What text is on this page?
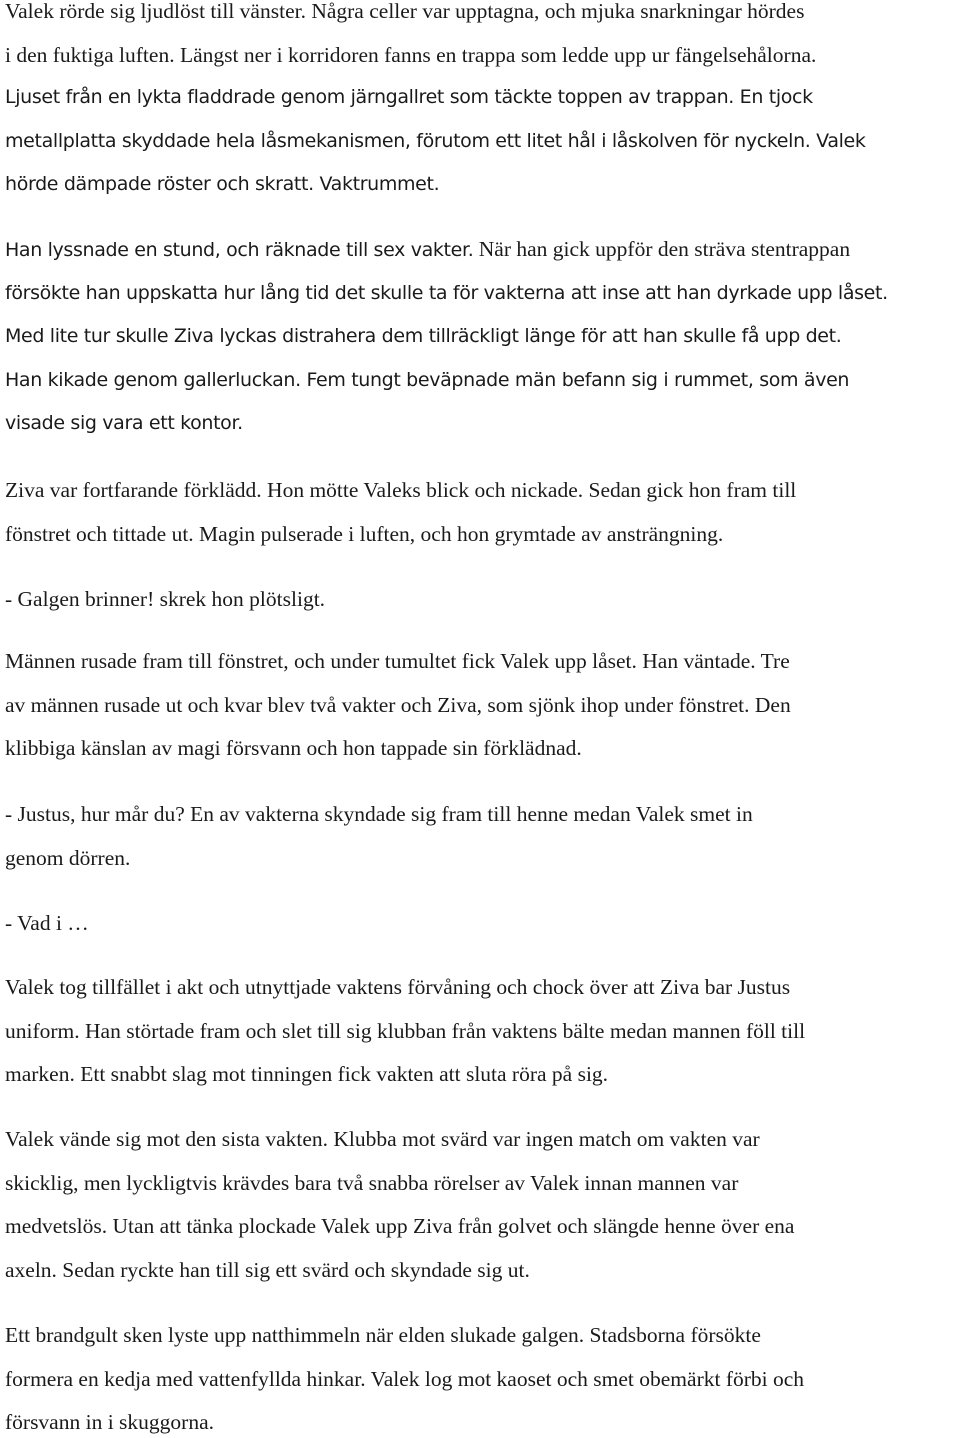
Valek rörde sig ljudlöst till vänster. Några celler var upptagna, och mjuka snarkningar hördes
i den fuktiga luften. Längst ner i korridoren fanns en trappa som ledde upp ur fängelsehålorna.

Ljuset från en lykta fladdrade genom järngallret som täckte toppen av trappan. En tjock
metallplatta skyddade hela låsmekanismen, förutom ett litet hål i låskolven för nyckeln. Valek
hörde dämpade röster och skratt. Vaktrummet.

Han lyssnade en stund, och räknade till sex vakter. När han gick uppför den sträva stentrappan
försökte han uppskatta hur lång tid det skulle ta för vakterna att inse att han dyrkade upp låset.
Med lite tur skulle Ziva lyckas distrahera dem tillräckligt länge för att han skulle få upp det.
Han kikade genom gallerluckan. Fem tungt beväpnade män befann sig i rummet, som även
visade sig vara ett kontor.

Ziva var fortfarande förklädd. Hon mötte Valeks blick och nickade. Sedan gick hon fram till
fönstret och tittade ut. Magin pulserade i luften, och hon grymtade av ansträngning.

- Galgen brinner! skrek hon plötsligt.

Männen rusade fram till fönstret, och under tumultet fick Valek upp låset. Han väntade. Tre
av männen rusade ut och kvar blev två vakter och Ziva, som sjönk ihop under fönstret. Den
klibbiga känslan av magi försvann och hon tappade sin förklädnad.

- Justus, hur mår du? En av vakterna skyndade sig fram till henne medan Valek smet in
genom dörren.

- Vad i …

Valek tog tillfället i akt och utnyttjade vaktens förvåning och chock över att Ziva bar Justus
uniform. Han störtade fram och slet till sig klubban från vaktens bälte medan mannen föll till
marken. Ett snabbt slag mot tinningen fick vakten att sluta röra på sig.

Valek vände sig mot den sista vakten. Klubba mot svärd var ingen match om vakten var
skicklig, men lyckligtvis krävdes bara två snabba rörelser av Valek innan mannen var
medvetslös. Utan att tänka plockade Valek upp Ziva från golvet och slängde henne över ena
axeln. Sedan ryckte han till sig ett svärd och skyndade sig ut.

Ett brandgult sken lyste upp natthimmeln när elden slukade galgen. Stadsborna försökte
formera en kedja med vattenfyllda hinkar. Valek log mot kaoset och smet obemärkt förbi och
försvann in i skuggorna.
